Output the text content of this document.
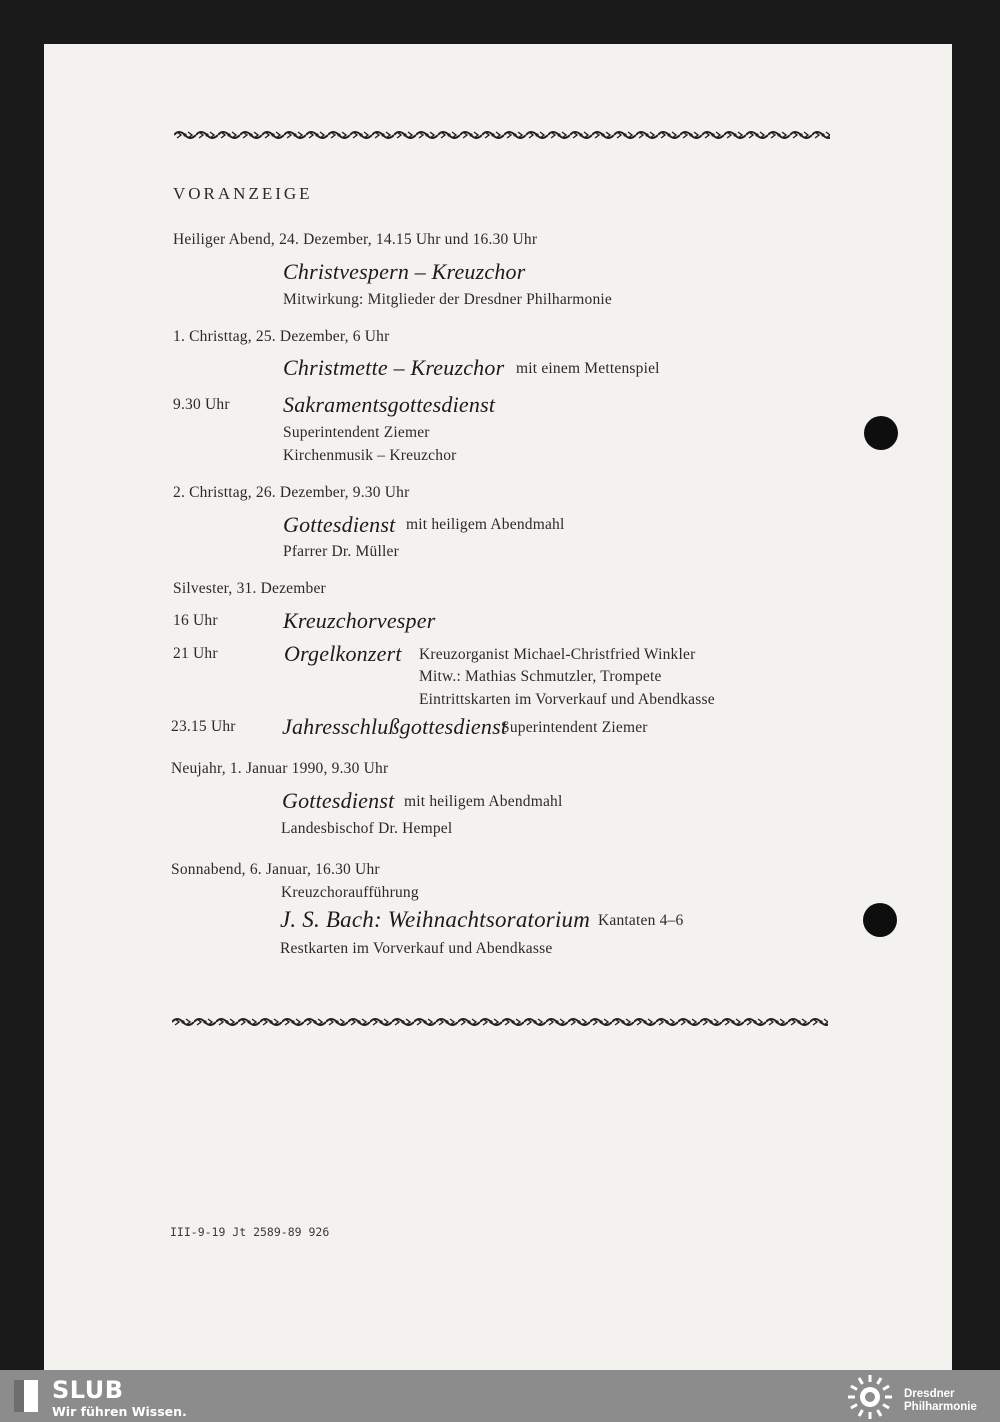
VORANZEIGE
Heiliger Abend, 24. Dezember, 14.15 Uhr und 16.30 Uhr
Christvespern – Kreuzchor
Mitwirkung: Mitglieder der Dresdner Philharmonie
1. Christtag, 25. Dezember, 6 Uhr
Christmette – Kreuzchor mit einem Mettenspiel
9.30 Uhr Sakramentsgottesdienst
Superintendent Ziemer
Kirchenmusik – Kreuzchor
2. Christtag, 26. Dezember, 9.30 Uhr
Gottesdienst mit heiligem Abendmahl
Pfarrer Dr. Müller
Silvester, 31. Dezember
16 Uhr	Kreuzchorvesper
21 Uhr	Orgelkonzert Kreuzorganist Michael-Christfried Winkler
Mitw.: Mathias Schmutzler, Trompete
Eintrittskarten im Vorverkauf und Abendkasse
23.15 Uhr Jahresschlußgottesdienst
Superintendent Ziemer
Neujahr, 1. Januar 1990, 9.30 Uhr
Gottesdienst mit heiligem Abendmahl
Landesbischof Dr. Hempel
Sonnabend, 6. Januar, 16.30 Uhr
Kreuzchoraufführung
J. S. Bach: Weihnachtsoratorium Kantaten 4–6
Restkarten im Vorverkauf und Abendkasse
III-9-19 Jt 2589-89 926
SLUB
Wir führen Wissen.
Dresdner
Philharmonie
